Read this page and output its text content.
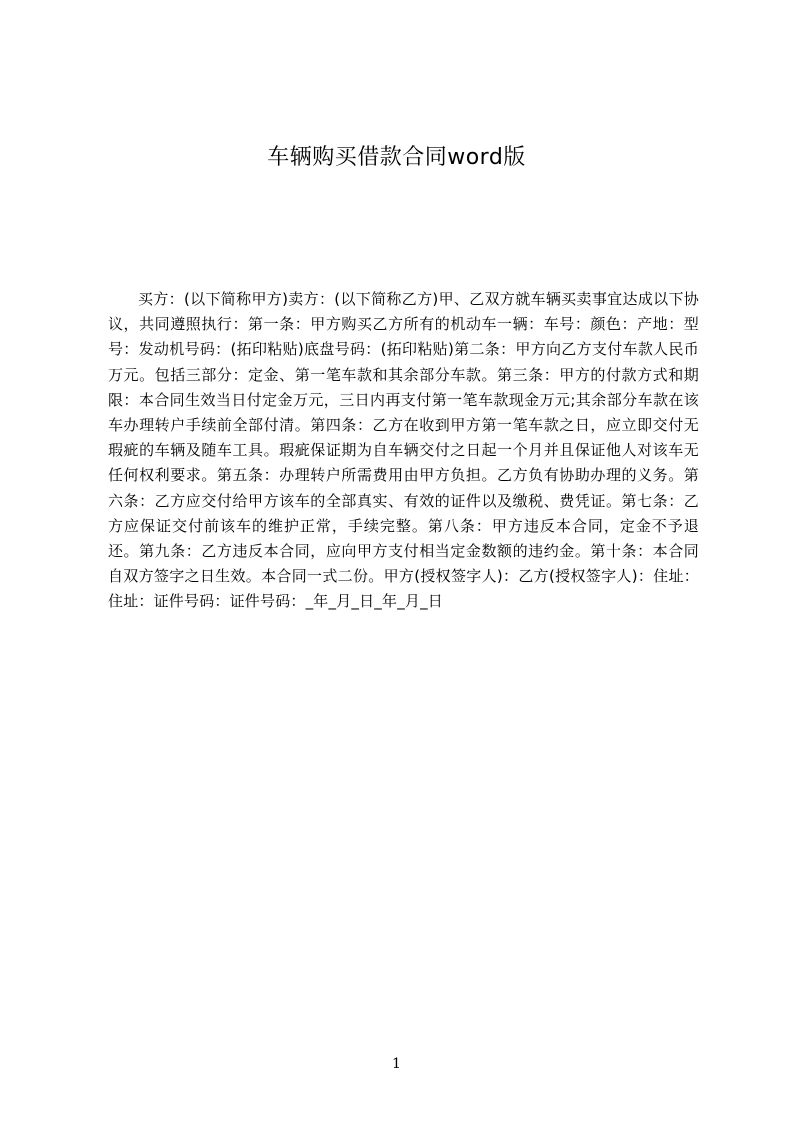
车辆购买借款合同word版

买方：(以下简称甲方)卖方：(以下简称乙方)甲、乙双方就车辆买卖事宜达成以下协议，共同遵照执行：第一条：甲方购买乙方所有的机动车一辆：车号：颜色：产地：型号：发动机号码：(拓印粘贴)底盘号码：(拓印粘贴)第二条：甲方向乙方支付车款人民币万元。包括三部分：定金、第一笔车款和其余部分车款。第三条：甲方的付款方式和期限：本合同生效当日付定金万元，三日内再支付第一笔车款现金万元;其余部分车款在该车办理转户手续前全部付清。第四条：乙方在收到甲方第一笔车款之日，应立即交付无瑕疵的车辆及随车工具。瑕疵保证期为自车辆交付之日起一个月并且保证他人对该车无任何权利要求。第五条：办理转户所需费用由甲方负担。乙方负有协助办理的义务。第六条：乙方应交付给甲方该车的全部真实、有效的证件以及缴税、费凭证。第七条：乙方应保证交付前该车的维护正常，手续完整。第八条：甲方违反本合同，定金不予退还。第九条：乙方违反本合同，应向甲方支付相当定金数额的违约金。第十条：本合同自双方签字之日生效。本合同一式二份。甲方(授权签字人)：乙方(授权签字人)：住址：住址：证件号码：证件号码：_年_月_日_年_月_日

1
